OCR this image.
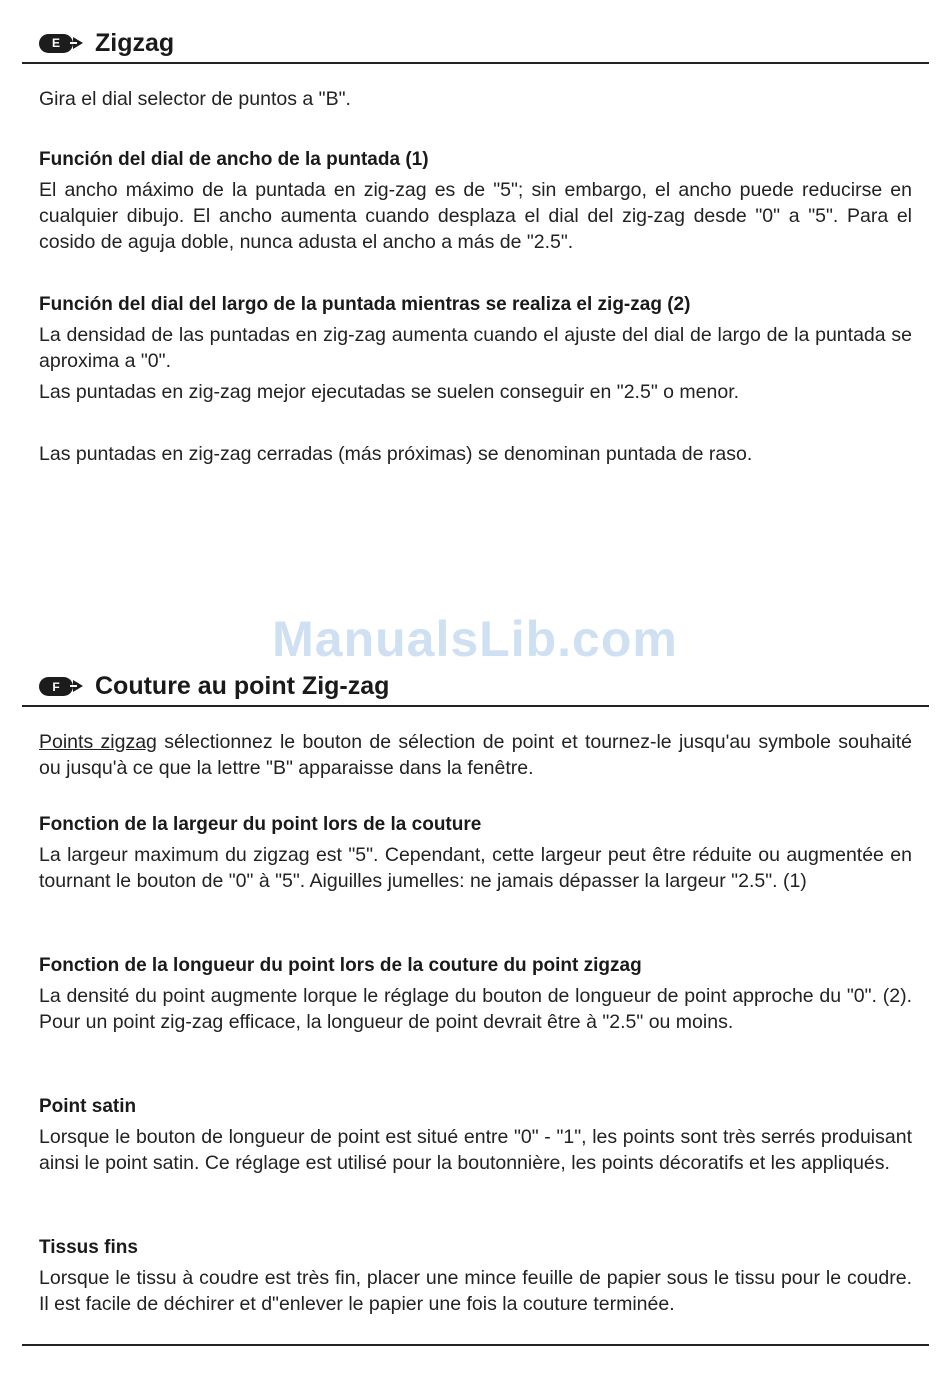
E Zigzag

Gira el dial selector de puntos a "B".

Función del dial de ancho de la puntada (1)

El ancho máximo de la puntada en zig-zag es de "5"; sin embargo, el ancho puede reducirse en cualquier dibujo. El ancho aumenta cuando desplaza el dial del zig-zag desde "0" a "5". Para el cosido de aguja doble, nunca adusta el ancho a más de "2.5".

Función del dial del largo de la puntada mientras se realiza el zig-zag (2)

La densidad de las puntadas en zig-zag aumenta cuando el ajuste del dial de largo de la puntada se aproxima a "0".

Las puntadas en zig-zag mejor ejecutadas se suelen conseguir en "2.5" o menor.

Las puntadas en zig-zag cerradas (más próximas) se denominan puntada de raso.

ManualsLib.com
F Couture au point Zig-zag

Points zigzag sélectionnez le bouton de sélection de point et tournez-le jusqu'au symbole souhaité ou jusqu'à ce que la lettre "B" apparaisse dans la fenêtre.

Fonction de la largeur du point lors de la couture

La largeur maximum du zigzag est "5". Cependant, cette largeur peut être réduite ou augmentée en tournant le bouton de "0" à "5". Aiguilles jumelles: ne jamais dépasser la largeur "2.5". (1)

Fonction de la longueur du point lors de la couture du point zigzag

La densité du point augmente lorque le réglage du bouton de longueur de point approche du "0". (2). Pour un point zig-zag efficace, la longueur de point devrait être à "2.5" ou moins.

Point satin

Lorsque le bouton de longueur de point est situé entre "0" - "1", les points sont très serrés produisant ainsi le point satin. Ce réglage est utilisé pour la boutonnière, les points décoratifs et les appliqués.

Tissus fins

Lorsque le tissu à coudre est très fin, placer une mince feuille de papier sous le tissu pour le coudre. Il est facile de déchirer et d"enlever le papier une fois la couture terminée.
